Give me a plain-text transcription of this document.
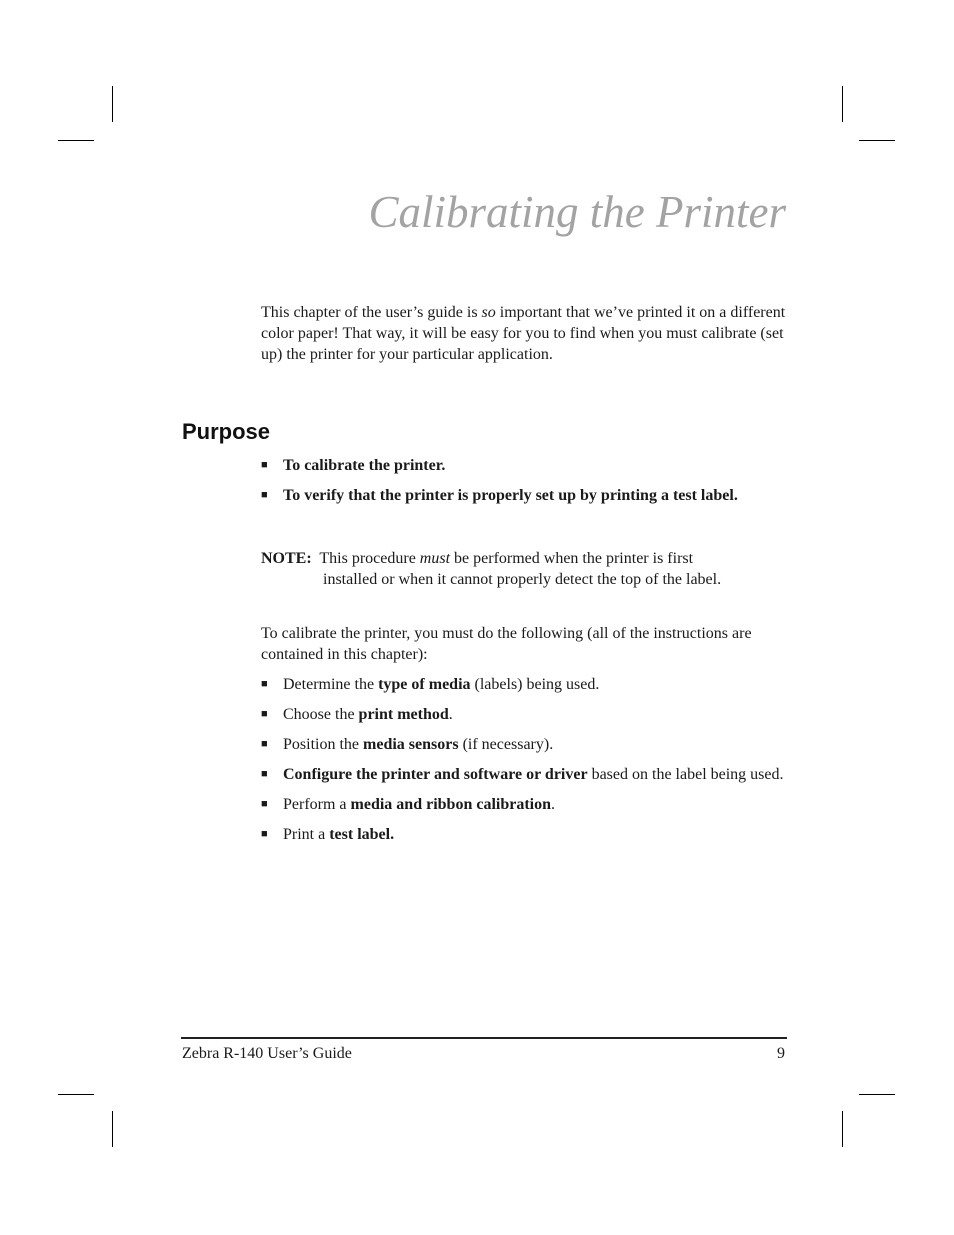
Calibrating the Printer

This chapter of the user’s guide is so important that we’ve printed it on a different color paper! That way, it will be easy for you to find when you must calibrate (set up) the printer for your particular application.

Purpose
■ To calibrate the printer.
■ To verify that the printer is properly set up by printing a test label.
NOTE:  This procedure must be performed when the printer is first
installed or when it cannot properly detect the top of the label.

To calibrate the printer, you must do the following (all of the instructions are contained in this chapter):

■ Determine the type of media (labels) being used.
■ Choose the print method.
■ Position the media sensors (if necessary).
■ Configure the printer and software or driver based on the label being used.
■ Perform a media and ribbon calibration.
■ Print a test label.
Zebra R-140 User’s Guide	9
